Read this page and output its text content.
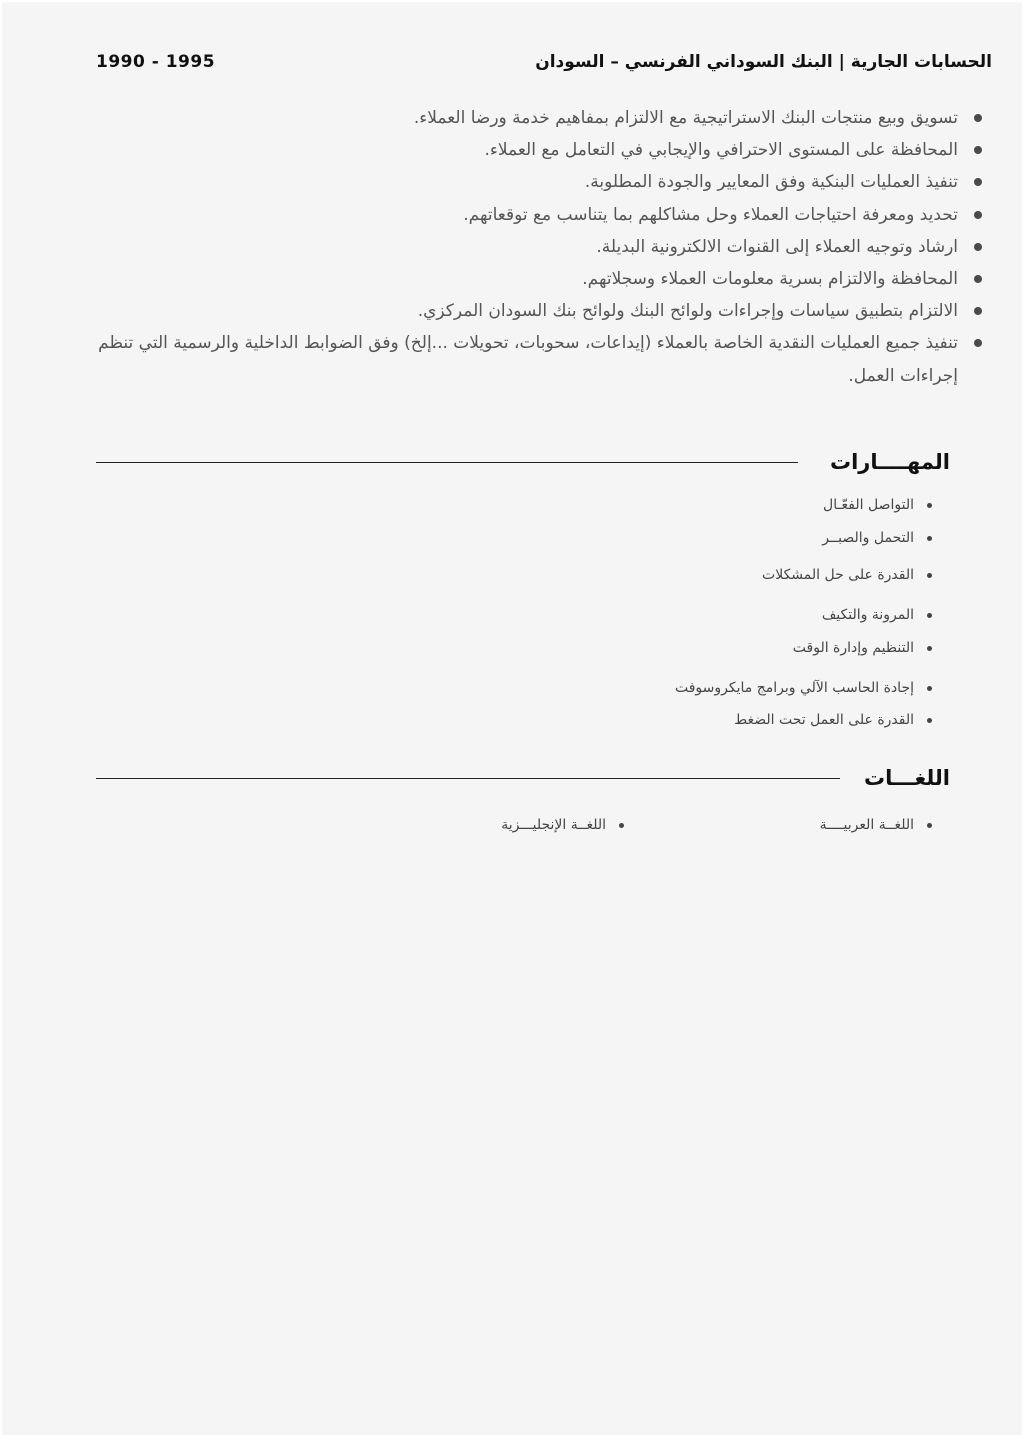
الحسابات الجارية | البنك السوداني الفرنسي – السودان
1990 - 1995
تسويق وبيع منتجات البنك الاستراتيجية مع الالتزام بمفاهيم خدمة ورضا العملاء.
المحافظة على المستوى الاحترافي والإيجابي في التعامل مع العملاء.
تنفيذ العمليات البنكية وفق المعايير والجودة المطلوبة.
تحديد ومعرفة احتياجات العملاء وحل مشاكلهم بما يتناسب مع توقعاتهم.
ارشاد وتوجيه العملاء إلى القنوات الالكترونية البديلة.
المحافظة والالتزام بسرية معلومات العملاء وسجلاتهم.
الالتزام بتطبيق سياسات وإجراءات ولوائح البنك ولوائح بنك السودان المركزي.
تنفيذ جميع العمليات النقدية الخاصة بالعملاء (إيداعات، سحوبات، تحويلات ...إلخ) وفق الضوابط الداخلية والرسمية التي تنظم إجراءات العمل.
المهــــارات
التواصل الفعّـال
التحمل والصبــر
القدرة على حل المشكلات
المرونة والتكيف
التنظيم وإدارة الوقت
إجادة الحاسب الآلي وبرامج مايكروسوفت
القدرة على العمل تحت الضغط
اللغـــات
اللغــة العربيــــة
اللغــة الإنجليـــزية
